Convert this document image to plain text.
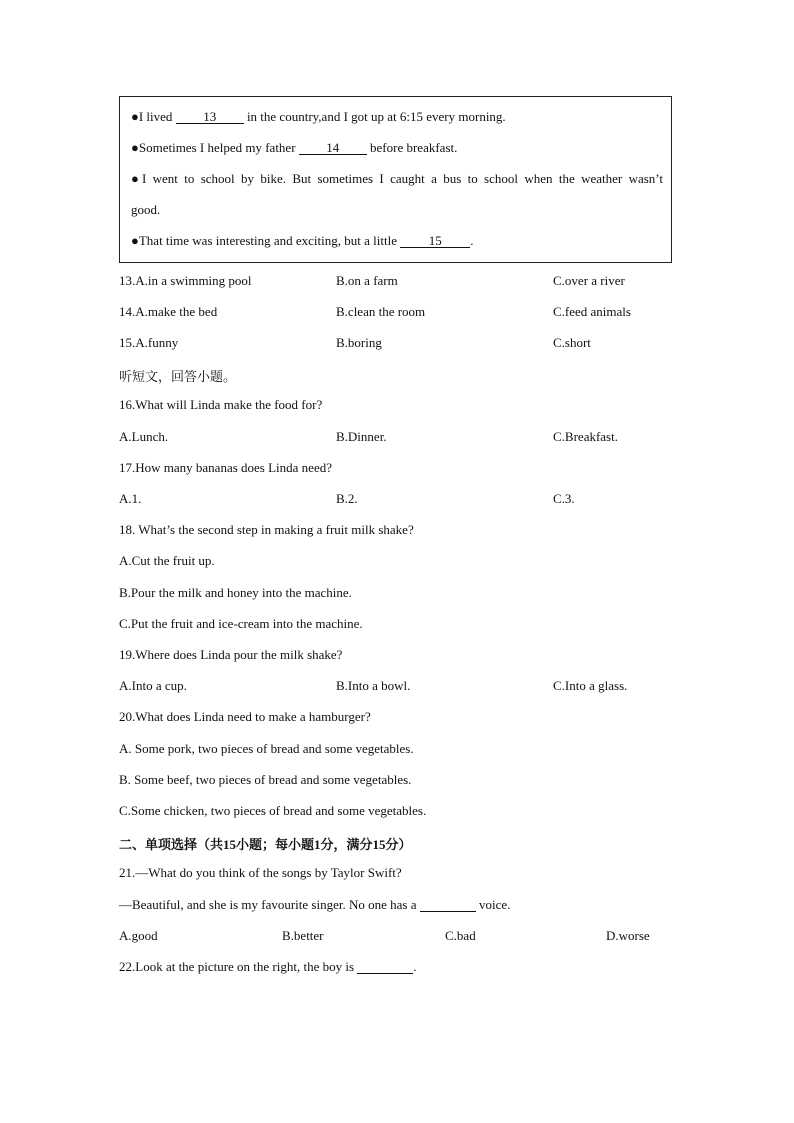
●I lived 13 in the country,and I got up at 6:15 every morning.
●Sometimes I helped my father 14 before breakfast.
●I went to school by bike. But sometimes I caught a bus to school when the weather wasn’t
good.
●That time was interesting and exciting, but a little 15 .
13.A.in a swimming pool	B.on a farm	C.over a river
14.A.make the bed	B.clean the room	C.feed animals
15.A.funny	B.boring	C.short
听短文，回答小题。
16.What will Linda make the food for?
A.Lunch.	B.Dinner.	C.Breakfast.
17.How many bananas does Linda need?
A.1.	B.2.	C.3.
18. What’s the second step in making a fruit milk shake?
A.Cut the fruit up.
B.Pour the milk and honey into the machine.
C.Put the fruit and ice-cream into the machine.
19.Where does Linda pour the milk shake?
A.Into a cup.	B.Into a bowl.	C.Into a glass.
20.What does Linda need to make a hamburger?
A. Some pork, two pieces of bread and some vegetables.
B. Some beef, two pieces of bread and some vegetables.
C.Some chicken, two pieces of bread and some vegetables.
二、单项选择（共15小题；每小题1分，满分15分）
21.—What do you think of the songs by Taylor Swift?
—Beautiful, and she is my favourite singer. No one has a	voice.
A.good	B.better	C.bad	D.worse
22.Look at the picture on the right, the boy is	.
